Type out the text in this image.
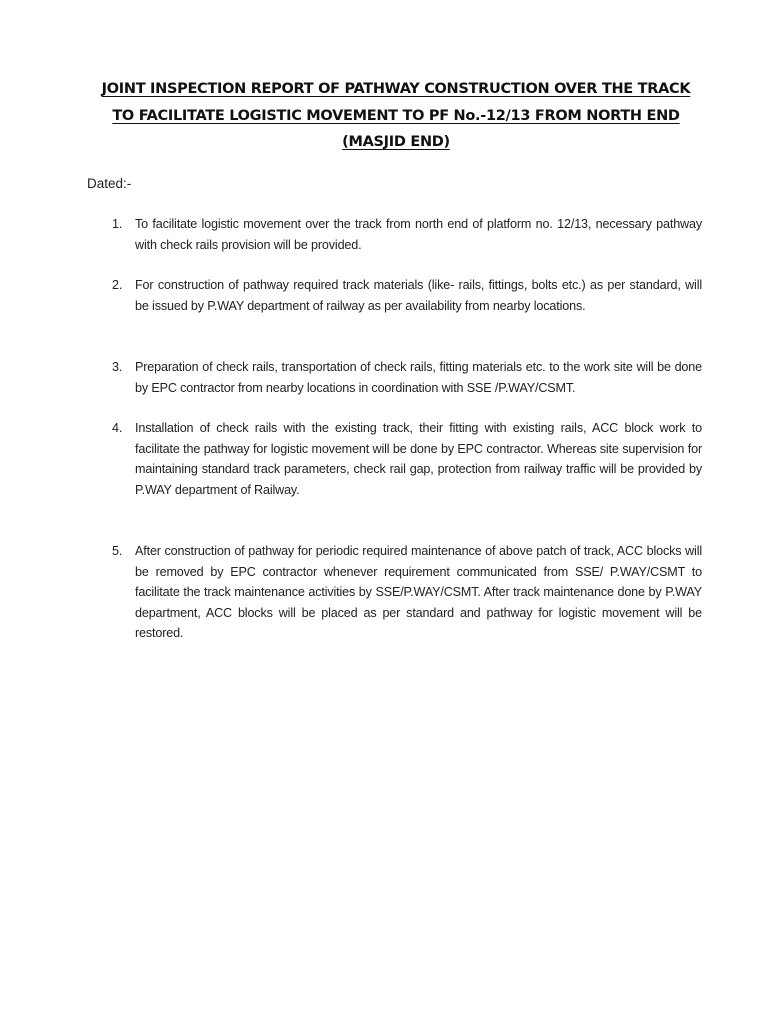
JOINT INSPECTION REPORT OF PATHWAY CONSTRUCTION OVER THE TRACK TO FACILITATE LOGISTIC MOVEMENT TO PF No.-12/13 FROM NORTH END (MASJID END)
Dated:-
1.	To facilitate logistic movement over the track from north end of platform no. 12/13, necessary pathway with check rails provision will be provided.
2.	For construction of pathway required track materials (like- rails, fittings, bolts etc.) as per standard, will be issued by P.WAY department of railway as per availability from nearby locations.
3.	Preparation of check rails, transportation of check rails, fitting materials etc. to the work site will be done by EPC contractor from nearby locations in coordination with SSE /P.WAY/CSMT.
4.	Installation of check rails with the existing track, their fitting with existing rails, ACC block work to facilitate the pathway for logistic movement will be done by EPC contractor. Whereas site supervision for maintaining standard track parameters, check rail gap, protection from railway traffic will be provided by P.WAY department of Railway.
5.	After construction of pathway for periodic required maintenance of above patch of track, ACC blocks will be removed by EPC contractor whenever requirement communicated from SSE/ P.WAY/CSMT to facilitate the track maintenance activities by SSE/P.WAY/CSMT. After track maintenance done by P.WAY department, ACC blocks will be placed as per standard and pathway for logistic movement will be restored.
